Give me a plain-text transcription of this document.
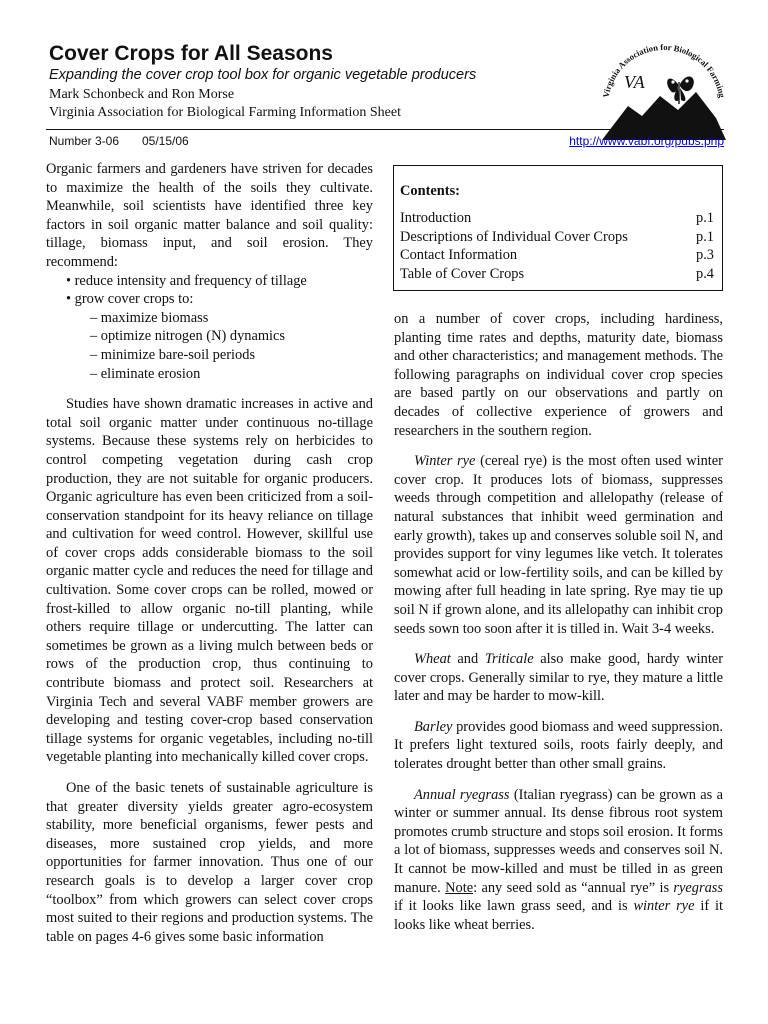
Cover Crops for All Seasons
Expanding the cover crop tool box for organic vegetable producers
Mark Schonbeck and Ron Morse
Virginia Association for Biological Farming Information Sheet
Virginia Association for Biological Farming
VA
BF
Number 3-06 05/15/06	http://www.vabf.org/pubs.php

Organic farmers and gardeners have striven for decades to maximize the health of the soils they cultivate. Meanwhile, soil scientists have identified three key factors in soil organic matter balance and soil quality: tillage, biomass input, and soil erosion. They recommend:

• reduce intensity and frequency of tillage
• grow cover crops to:
– maximize biomass
– optimize nitrogen (N) dynamics
– minimize bare-soil periods
– eliminate erosion

Studies have shown dramatic increases in active and total soil organic matter under continuous no-tillage systems. Because these systems rely on herbicides to control competing vegetation during cash crop production, they are not suitable for organic producers. Organic agriculture has even been criticized from a soil-conservation standpoint for its heavy reliance on tillage and cultivation for weed control. However, skillful use of cover crops adds considerable biomass to the soil organic matter cycle and reduces the need for tillage and cultivation. Some cover crops can be rolled, mowed or frost-killed to allow organic no-till planting, while others require tillage or undercutting. The latter can sometimes be grown as a living mulch between beds or rows of the production crop, thus continuing to contribute biomass and protect soil. Researchers at Virginia Tech and several VABF member growers are developing and testing cover-crop based conservation tillage systems for organic vegetables, including no-till vegetable planting into mechanically killed cover crops.

One of the basic tenets of sustainable agriculture is that greater diversity yields greater agro-ecosystem stability, more beneficial organisms, fewer pests and diseases, more sustained crop yields, and more opportunities for farmer innovation. Thus one of our research goals is to develop a larger cover crop “toolbox” from which growers can select cover crops most suited to their regions and production systems. The table on pages 4-6 gives some basic information

Contents:
Introduction	p.1
Descriptions of Individual Cover Crops	p.1
Contact Information	p.3
Table of Cover Crops	p.4

on a number of cover crops, including hardiness, planting time rates and depths, maturity date, biomass and other characteristics; and management methods. The following paragraphs on individual cover crop species are based partly on our observations and partly on decades of collective experience of growers and researchers in the southern region.

Winter rye (cereal rye) is the most often used winter cover crop. It produces lots of biomass, suppresses weeds through competition and allelopathy (release of natural substances that inhibit weed germination and early growth), takes up and conserves soluble soil N, and provides support for viny legumes like vetch. It tolerates somewhat acid or low-fertility soils, and can be killed by mowing after full heading in late spring. Rye may tie up soil N if grown alone, and its allelopathy can inhibit crop seeds sown too soon after it is tilled in. Wait 3-4 weeks.

Wheat and Triticale also make good, hardy winter cover crops. Generally similar to rye, they mature a little later and may be harder to mow-kill.

Barley provides good biomass and weed suppression. It prefers light textured soils, roots fairly deeply, and tolerates drought better than other small grains.

Annual ryegrass (Italian ryegrass) can be grown as a winter or summer annual. Its dense fibrous root system promotes crumb structure and stops soil erosion. It forms a lot of biomass, suppresses weeds and conserves soil N. It cannot be mow-killed and must be tilled in as green manure. Note: any seed sold as “annual rye” is ryegrass if it looks like lawn grass seed, and is winter rye if it looks like wheat berries.
